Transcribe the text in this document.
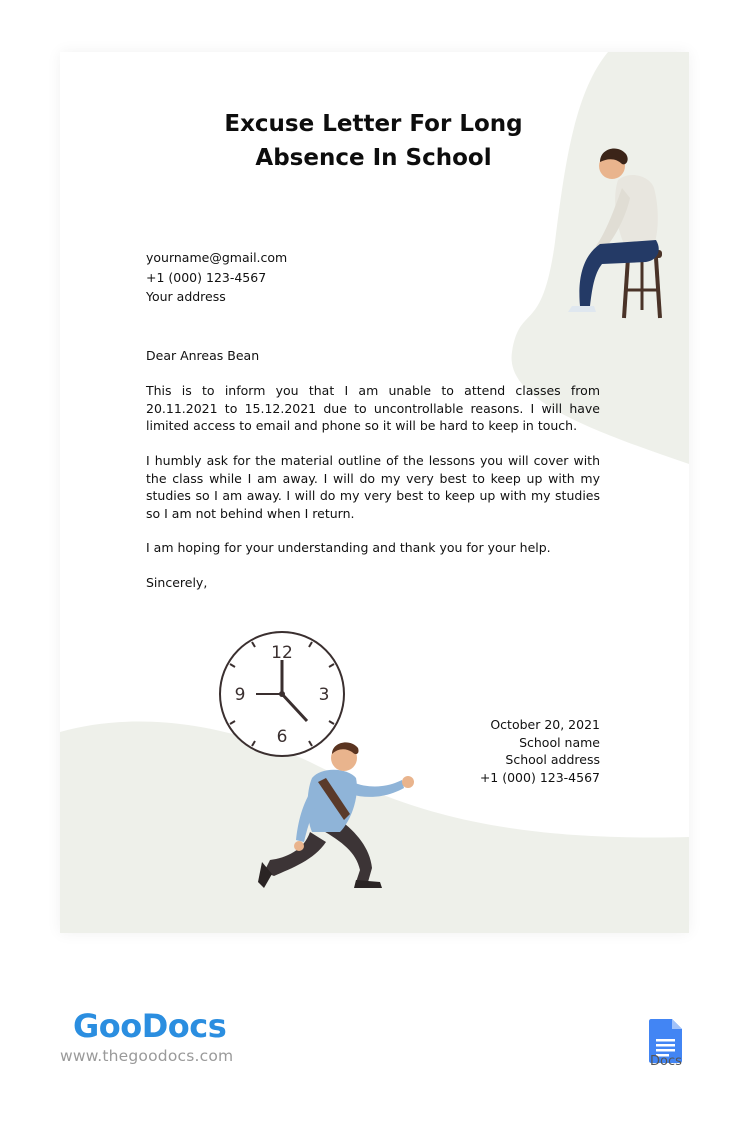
Excuse Letter For Long
Absence In School
yourname@gmail.com
+1 (000) 123-4567
Your address

Dear Anreas Bean

This is to inform you that I am unable to attend classes from 20.11.2021 to 15.12.2021 due to uncontrollable reasons. I will have limited access to email and phone so it will be hard to keep in touch.

I humbly ask for the material outline of the lessons you will cover with the class while I am away. I will do my very best to keep up with my studies so I am away. I will do my very best to keep up with my studies so I am not behind when I return.

I am hoping for your understanding and thank you for your help.

Sincerely,

12
3
6
9
October 20, 2021
School name
School address
+1 (000) 123-4567
GooDocs
www.thegoodocs.com	Docs
